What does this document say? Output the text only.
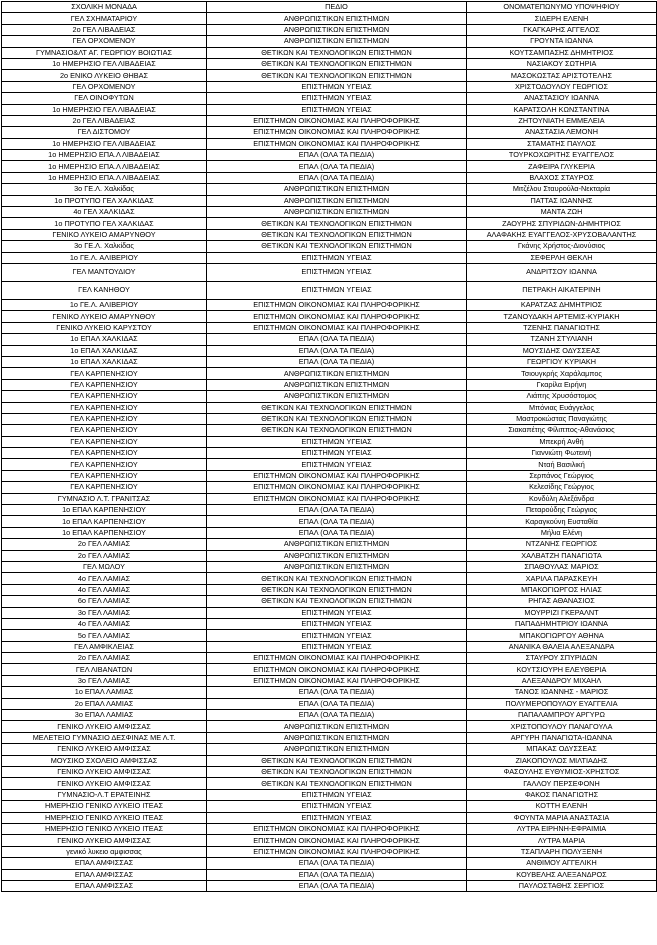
ΣΧΟΛΙΚΗ ΜΟΝΑΔΑ	ΠΕΔΙΟ	ΟΝΟΜΑΤΕΠΩΝΥΜΟ ΥΠΟΨΗΦΙΟΥ
ΓΕΛ ΣΧΗΜΑΤΑΡΙΟΥ	ΑΝΘΡΩΠΙΣΤΙΚΩΝ ΕΠΙΣΤΗΜΩΝ	ΣΙΔΕΡΗ ΕΛΕΝΗ
2ο ΓΕΛ ΛΙΒΑΔΕΙΑΣ	ΑΝΘΡΩΠΙΣΤΙΚΩΝ ΕΠΙΣΤΗΜΩΝ	ΓΚΑΓΚΑΡΗΣ ΑΓΓΕΛΟΣ
ΓΕΛ ΟΡΧΟΜΕΝΟΥ	ΑΝΘΡΩΠΙΣΤΙΚΩΝ ΕΠΙΣΤΗΜΩΝ	ΓΡΟΥΝΤΑ ΙΩΑΝΝΑ
ΓΥΜΝΑΣΙΟ&ΛΤ ΑΓ. ΓΕΩΡΓΙΟΥ ΒΟΙΩΤΙΑΣ	ΘΕΤΙΚΩΝ ΚΑΙ ΤΕΧΝΟΛΟΓΙΚΩΝ ΕΠΙΣΤΗΜΩΝ	ΚΟΥΤΣΑΜΠΑΣΗΣ ΔΗΜΗΤΡΙΟΣ
1ο ΗΜΕΡΗΣΙΟ ΓΕΛ ΛΙΒΑΔΕΙΑΣ	ΘΕΤΙΚΩΝ ΚΑΙ ΤΕΧΝΟΛΟΓΙΚΩΝ ΕΠΙΣΤΗΜΩΝ	ΝΑΣΙΑΚΟΥ ΣΩΤΗΡΙΑ
2ο ΕΝΙΚΟ ΛΥΚΕΙΟ ΘΗΒΑΣ	ΘΕΤΙΚΩΝ ΚΑΙ ΤΕΧΝΟΛΟΓΙΚΩΝ ΕΠΙΣΤΗΜΩΝ	ΜΑΣΟΚΩΣΤΑΣ ΑΡΙΣΤΟΤΕΛΗΣ
ΓΕΛ ΟΡΧΟΜΕΝΟΥ	ΕΠΙΣΤΗΜΩΝ ΥΓΕΙΑΣ	ΧΡΙΣΤΟΔΟΥΛΟΥ ΓΕΩΡΓΙΟΣ
ΓΕΛ ΟΙΝΟΦΥΤΩΝ	ΕΠΙΣΤΗΜΩΝ ΥΓΕΙΑΣ	ΑΝΑΣΤΑΣΙΟΥ ΙΩΑΝΝΑ
1ο ΗΜΕΡΗΣΙΟ ΓΕΛ ΛΙΒΑΔΕΙΑΣ	ΕΠΙΣΤΗΜΩΝ ΥΓΕΙΑΣ	ΚΑΡΑΤΣΟΛΗ ΚΩΝΣΤΑΝΤΙΝΑ
2ο ΓΕΛ ΛΙΒΑΔΕΙΑΣ	ΕΠΙΣΤΗΜΩΝ ΟΙΚΟΝΟΜΙΑΣ ΚΑΙ ΠΛΗΡΟΦΟΡΙΚΗΣ	ΖΗΤΟΥΝΙΑΤΗ ΕΜΜΕΛΕΙΑ
ΓΕΛ ΔΙΣΤΟΜΟΥ	ΕΠΙΣΤΗΜΩΝ ΟΙΚΟΝΟΜΙΑΣ ΚΑΙ ΠΛΗΡΟΦΟΡΙΚΗΣ	ΑΝΑΣΤΑΣΙΑ ΛΕΜΟΝΗ
1ο ΗΜΕΡΗΣΙΟ ΓΕΛ ΛΙΒΑΔΕΙΑΣ	ΕΠΙΣΤΗΜΩΝ ΟΙΚΟΝΟΜΙΑΣ ΚΑΙ ΠΛΗΡΟΦΟΡΙΚΗΣ	ΣΤΑΜΑΤΗΣ ΠΑΥΛΟΣ
1ο ΗΜΕΡΗΣΙΟ ΕΠΑ.Λ ΛΙΒΑΔΕΙΑΣ	ΕΠΑΛ (ΟΛΑ ΤΑ ΠΕΔΙΑ)	ΤΟΥΡΚΟΧΩΡΙΤΗΣ ΕΥΑΓΓΕΛΟΣ
1ο ΗΜΕΡΗΣΙΟ ΕΠΑ.Λ ΛΙΒΑΔΕΙΑΣ	ΕΠΑΛ (ΟΛΑ ΤΑ ΠΕΔΙΑ)	ΖΑΦΕΙΡΑ ΓΛΥΚΕΡΙΑ
1ο ΗΜΕΡΗΣΙΟ ΕΠΑ.Λ ΛΙΒΑΔΕΙΑΣ	ΕΠΑΛ (ΟΛΑ ΤΑ ΠΕΔΙΑ)	ΒΛΑΧΟΣ ΣΤΑΥΡΟΣ
3ο ΓΕ.Λ. Χαλκίδας	ΑΝΘΡΩΠΙΣΤΙΚΩΝ ΕΠΙΣΤΗΜΩΝ	Μιτζέλου Σταυρούλα-Νεκταρία
1ο ΠΡΟΤΥΠΟ ΓΕΛ ΧΑΛΚΙΔΑΣ	ΑΝΘΡΩΠΙΣΤΙΚΩΝ ΕΠΙΣΤΗΜΩΝ	ΠΑΤΤΑΣ ΙΩΑΝΝΗΣ
4ο ΓΕΛ ΧΑΛΚΙΔΑΣ	ΑΝΘΡΩΠΙΣΤΙΚΩΝ ΕΠΙΣΤΗΜΩΝ	ΜΑΝΤΑ ΖΩΗ
1ο ΠΡΟΤΥΠΟ ΓΕΛ ΧΑΛΚΙΔΑΣ	ΘΕΤΙΚΩΝ ΚΑΙ ΤΕΧΝΟΛΟΓΙΚΩΝ ΕΠΙΣΤΗΜΩΝ	ΖΑΟΥΡΗΣ ΣΠΥΡΙΔΩΝ-ΔΗΜΗΤΡΙΟΣ
ΓΕΝΙΚΟ ΛΥΚΕΙΟ ΑΜΑΡΥΝΘΟΥ	ΘΕΤΙΚΩΝ ΚΑΙ ΤΕΧΝΟΛΟΓΙΚΩΝ ΕΠΙΣΤΗΜΩΝ	ΑΛΑΦΑΚΗΣ ΕΥΑΓΓΕΛΟΣ-ΧΡΥΣΟΒΑΛΑΝΤΗΣ
3ο ΓΕ.Λ. Χαλκίδας	ΘΕΤΙΚΩΝ ΚΑΙ ΤΕΧΝΟΛΟΓΙΚΩΝ ΕΠΙΣΤΗΜΩΝ	Γκάνης Χρήστος-Διονύσιος
1ο ΓΕ.Λ. ΑΛΙΒΕΡΙΟΥ	ΕΠΙΣΤΗΜΩΝ ΥΓΕΙΑΣ	ΣΕΦΕΡΛΗ ΘΕΚΛΗ
ΓΕΛ ΜΑΝΤΟΥΔΙΟΥ	ΕΠΙΣΤΗΜΩΝ ΥΓΕΙΑΣ	ΑΝΔΡΙΤΣΟΥ ΙΩΑΝΝΑ
ΓΕΛ ΚΑΝΗΘΟΥ	ΕΠΙΣΤΗΜΩΝ ΥΓΕΙΑΣ	ΠΕΤΡΑΚΗ ΑΙΚΑΤΕΡΙΝΗ
1ο ΓΕ.Λ. ΑΛΙΒΕΡΙΟΥ	ΕΠΙΣΤΗΜΩΝ ΟΙΚΟΝΟΜΙΑΣ ΚΑΙ ΠΛΗΡΟΦΟΡΙΚΗΣ	ΚΑΡΑΤΖΑΣ ΔΗΜΗΤΡΙΟΣ
ΓΕΝΙΚΟ ΛΥΚΕΙΟ ΑΜΑΡΥΝΘΟΥ	ΕΠΙΣΤΗΜΩΝ ΟΙΚΟΝΟΜΙΑΣ ΚΑΙ ΠΛΗΡΟΦΟΡΙΚΗΣ	ΤΖΑΝΟΥΔΑΚΗ ΑΡΤΕΜΙΣ-ΚΥΡΙΑΚΗ
ΓΕΝΙΚΟ ΛΥΚΕΙΟ ΚΑΡΥΣΤΟΥ	ΕΠΙΣΤΗΜΩΝ ΟΙΚΟΝΟΜΙΑΣ ΚΑΙ ΠΛΗΡΟΦΟΡΙΚΗΣ	ΤΖΕΝΗΣ ΠΑΝΑΓΙΩΤΗΣ
1ο ΕΠΑΛ ΧΑΛΚΙΔΑΣ	ΕΠΑΛ (ΟΛΑ ΤΑ ΠΕΔΙΑ)	ΤΖΑΝΗ ΣΤΥΛΙΑΝΗ
1ο ΕΠΑΛ ΧΑΛΚΙΔΑΣ	ΕΠΑΛ (ΟΛΑ ΤΑ ΠΕΔΙΑ)	ΜΟΥΣΙΔΗΣ ΟΔΥΣΣΕΑΣ
1ο ΕΠΑΛ ΧΑΛΚΙΔΑΣ	ΕΠΑΛ (ΟΛΑ ΤΑ ΠΕΔΙΑ)	ΓΕΩΡΓΙΟΥ ΚΥΡΙΑΚΗ
ΓΕΛ ΚΑΡΠΕΝΗΣΙΟΥ	ΑΝΘΡΩΠΙΣΤΙΚΩΝ ΕΠΙΣΤΗΜΩΝ	Τσιουγκρής Χαράλαμπος
ΓΕΛ ΚΑΡΠΕΝΗΣΙΟΥ	ΑΝΘΡΩΠΙΣΤΙΚΩΝ ΕΠΙΣΤΗΜΩΝ	Γκαρίλα Ειρήνη
ΓΕΛ ΚΑΡΠΕΝΗΣΙΟΥ	ΑΝΘΡΩΠΙΣΤΙΚΩΝ ΕΠΙΣΤΗΜΩΝ	Λιάπης Χρυσόστομος
ΓΕΛ ΚΑΡΠΕΝΗΣΙΟΥ	ΘΕΤΙΚΩΝ ΚΑΙ ΤΕΧΝΟΛΟΓΙΚΩΝ ΕΠΙΣΤΗΜΩΝ	Μπόνιας Ευάγγελος
ΓΕΛ ΚΑΡΠΕΝΗΣΙΟΥ	ΘΕΤΙΚΩΝ ΚΑΙ ΤΕΧΝΟΛΟΓΙΚΩΝ ΕΠΙΣΤΗΜΩΝ	Μαστροκώστας Παναγιώτης
ΓΕΛ ΚΑΡΠΕΝΗΣΙΟΥ	ΘΕΤΙΚΩΝ ΚΑΙ ΤΕΧΝΟΛΟΓΙΚΩΝ ΕΠΙΣΤΗΜΩΝ	Σιακαπέτης Φίλιππος-Αθανάσιος
ΓΕΛ ΚΑΡΠΕΝΗΣΙΟΥ	ΕΠΙΣΤΗΜΩΝ ΥΓΕΙΑΣ	Μπεκρή Ανθή
ΓΕΛ ΚΑΡΠΕΝΗΣΙΟΥ	ΕΠΙΣΤΗΜΩΝ ΥΓΕΙΑΣ	Γιαννιώτη Φωτεινή
ΓΕΛ ΚΑΡΠΕΝΗΣΙΟΥ	ΕΠΙΣΤΗΜΩΝ ΥΓΕΙΑΣ	Νταή Βασιλική
ΓΕΛ ΚΑΡΠΕΝΗΣΙΟΥ	ΕΠΙΣΤΗΜΩΝ ΟΙΚΟΝΟΜΙΑΣ ΚΑΙ ΠΛΗΡΟΦΟΡΙΚΗΣ	Σερπάνος Γεώργιος
ΓΕΛ ΚΑΡΠΕΝΗΣΙΟΥ	ΕΠΙΣΤΗΜΩΝ ΟΙΚΟΝΟΜΙΑΣ ΚΑΙ ΠΛΗΡΟΦΟΡΙΚΗΣ	Κελεσίδης Γεώργιος
ΓΥΜΝΑΣΙΟ Λ.Τ. ΓΡΑΝΙΤΣΑΣ	ΕΠΙΣΤΗΜΩΝ ΟΙΚΟΝΟΜΙΑΣ ΚΑΙ ΠΛΗΡΟΦΟΡΙΚΗΣ	Κονδύλη Αλεξάνδρα
1ο ΕΠΑΛ ΚΑΡΠΕΝΗΣΙΟΥ	ΕΠΑΛ (ΟΛΑ ΤΑ ΠΕΔΙΑ)	Πεταρούδης Γεώργιος
1ο ΕΠΑΛ ΚΑΡΠΕΝΗΣΙΟΥ	ΕΠΑΛ (ΟΛΑ ΤΑ ΠΕΔΙΑ)	Καραγκούνη Ευσταθία
1ο ΕΠΑΛ ΚΑΡΠΕΝΗΣΙΟΥ	ΕΠΑΛ (ΟΛΑ ΤΑ ΠΕΔΙΑ)	Μήλια Ελένη
2ο ΓΕΛ ΛΑΜΙΑΣ	ΑΝΘΡΩΠΙΣΤΙΚΩΝ ΕΠΙΣΤΗΜΩΝ	ΝΤΖΑΝΗΣ ΓΕΩΡΓΙΟΣ
2ο ΓΕΛ ΛΑΜΙΑΣ	ΑΝΘΡΩΠΙΣΤΙΚΩΝ ΕΠΙΣΤΗΜΩΝ	ΧΑΛΒΑΤΖΗ ΠΑΝΑΓΙΩΤΑ
ΓΕΛ ΜΩΛΟΥ	ΑΝΘΡΩΠΙΣΤΙΚΩΝ ΕΠΙΣΤΗΜΩΝ	ΣΠΑΘΟΥΛΑΣ ΜΑΡΙΟΣ
4ο ΓΕΛ ΛΑΜΙΑΣ	ΘΕΤΙΚΩΝ ΚΑΙ ΤΕΧΝΟΛΟΓΙΚΩΝ ΕΠΙΣΤΗΜΩΝ	ΧΑΡΙΛΑ ΠΑΡΑΣΚΕΥΗ
4ο ΓΕΛ ΛΑΜΙΑΣ	ΘΕΤΙΚΩΝ ΚΑΙ ΤΕΧΝΟΛΟΓΙΚΩΝ ΕΠΙΣΤΗΜΩΝ	ΜΠΑΚΟΓΙΩΡΓΟΣ ΗΛΙΑΣ
6ο ΓΕΛ ΛΑΜΙΑΣ	ΘΕΤΙΚΩΝ ΚΑΙ ΤΕΧΝΟΛΟΓΙΚΩΝ ΕΠΙΣΤΗΜΩΝ	ΡΗΓΑΣ ΑΘΑΝΑΣΙΟΣ
3ο ΓΕΛ ΛΑΜΙΑΣ	ΕΠΙΣΤΗΜΩΝ ΥΓΕΙΑΣ	ΜΟΥΡΡΙΖΙ ΓΚΕΡΑΛΝΤ
4ο ΓΕΛ ΛΑΜΙΑΣ	ΕΠΙΣΤΗΜΩΝ ΥΓΕΙΑΣ	ΠΑΠΑΔΗΜΗΤΡΙΟΥ ΙΩΑΝΝΑ
5ο ΓΕΛ ΛΑΜΙΑΣ	ΕΠΙΣΤΗΜΩΝ ΥΓΕΙΑΣ	ΜΠΑΚΟΓΙΩΡΓΟΥ ΑΘΗΝΑ
ΓΕΛ ΑΜΦΙΚΛΕΙΑΣ	ΕΠΙΣΤΗΜΩΝ ΥΓΕΙΑΣ	ΑΝΑΝΙΚΑ ΘΑΛΕΙΑ ΑΛΕΞΑΝΔΡΑ
2ο ΓΕΛ ΛΑΜΙΑΣ	ΕΠΙΣΤΗΜΩΝ ΟΙΚΟΝΟΜΙΑΣ ΚΑΙ ΠΛΗΡΟΦΟΡΙΚΗΣ	ΣΤΑΥΡΟΥ ΣΠΥΡΙΔΩΝ
ΓΕΛ ΛΙΒΑΝΑΤΩΝ	ΕΠΙΣΤΗΜΩΝ ΟΙΚΟΝΟΜΙΑΣ ΚΑΙ ΠΛΗΡΟΦΟΡΙΚΗΣ	ΚΟΥΤΣΙΟΥΡΗ ΕΛΕΥΘΕΡΙΑ
3ο ΓΕΛ ΛΑΜΙΑΣ	ΕΠΙΣΤΗΜΩΝ ΟΙΚΟΝΟΜΙΑΣ ΚΑΙ ΠΛΗΡΟΦΟΡΙΚΗΣ	ΑΛΕΞΑΝΔΡΟΥ ΜΙΧΑΗΛ
1ο ΕΠΑΛ ΛΑΜΙΑΣ	ΕΠΑΛ (ΟΛΑ ΤΑ ΠΕΔΙΑ)	ΤΑΝΟΣ ΙΩΑΝΝΗΣ - ΜΑΡΙΟΣ
2ο ΕΠΑΛ ΛΑΜΙΑΣ	ΕΠΑΛ (ΟΛΑ ΤΑ ΠΕΔΙΑ)	ΠΟΛΥΜΕΡΟΠΟΥΛΟΥ ΕΥΑΓΓΕΛΙΑ
3ο ΕΠΑΛ ΛΑΜΙΑΣ	ΕΠΑΛ (ΟΛΑ ΤΑ ΠΕΔΙΑ)	ΠΑΠΑΛΑΜΠΡΟΥ ΑΡΓΥΡΩ
ΓΕΝΙΚΟ ΛΥΚΕΙΟ ΑΜΦΙΣΣΑΣ	ΑΝΘΡΩΠΙΣΤΙΚΩΝ ΕΠΙΣΤΗΜΩΝ	ΧΡΙΣΤΟΠΟΥΛΟΥ ΠΑΝΑΓΟΥΛΑ
ΜΕΛΕΤΕΙΟ ΓΥΜΝΑΣΙΟ ΔΕΣΦΙΝΑΣ ΜΕ Λ.Τ.	ΑΝΘΡΩΠΙΣΤΙΚΩΝ ΕΠΙΣΤΗΜΩΝ	ΑΡΓΥΡΗ ΠΑΝΑΓΙΩΤΑ-ΙΩΑΝΝΑ
ΓΕΝΙΚΟ ΛΥΚΕΙΟ ΑΜΦΙΣΣΑΣ	ΑΝΘΡΩΠΙΣΤΙΚΩΝ ΕΠΙΣΤΗΜΩΝ	ΜΠΑΚΑΣ ΟΔΥΣΣΕΑΣ
ΜΟΥΣΙΚΟ ΣΧΟΛΕΙΟ ΑΜΦΙΣΣΑΣ	ΘΕΤΙΚΩΝ ΚΑΙ ΤΕΧΝΟΛΟΓΙΚΩΝ ΕΠΙΣΤΗΜΩΝ	ΖΙΑΚΟΠΟΥΛΟΣ ΜΙΛΤΙΑΔΗΣ
ΓΕΝΙΚΟ ΛΥΚΕΙΟ ΑΜΦΙΣΣΑΣ	ΘΕΤΙΚΩΝ ΚΑΙ ΤΕΧΝΟΛΟΓΙΚΩΝ ΕΠΙΣΤΗΜΩΝ	ΦΑΣΟΥΛΗΣ ΕΥΘΥΜΙΟΣ-ΧΡΗΣΤΟΣ
ΓΕΝΙΚΟ ΛΥΚΕΙΟ ΑΜΦΙΣΣΑΣ	ΘΕΤΙΚΩΝ ΚΑΙ ΤΕΧΝΟΛΟΓΙΚΩΝ ΕΠΙΣΤΗΜΩΝ	ΓΑΛΛΟΥ ΠΕΡΣΕΦΟΝΗ
ΓΥΜΝΑΣΙΟ-Λ.Τ ΕΡΑΤΕΙΝΗΣ	ΕΠΙΣΤΗΜΩΝ ΥΓΕΙΑΣ	ΦΑΚΟΣ ΠΑΝΑΓΙΩΤΗΣ
ΗΜΕΡΗΣΙΟ ΓΕΝΙΚΟ ΛΥΚΕΙΟ ΙΤΕΑΣ	ΕΠΙΣΤΗΜΩΝ ΥΓΕΙΑΣ	ΚΟΤΤΗ ΕΛΕΝΗ
ΗΜΕΡΗΣΙΟ ΓΕΝΙΚΟ ΛΥΚΕΙΟ ΙΤΕΑΣ	ΕΠΙΣΤΗΜΩΝ ΥΓΕΙΑΣ	ΦΟΥΝΤΑ ΜΑΡΙΑ ΑΝΑΣΤΑΣΙΑ
ΗΜΕΡΗΣΙΟ ΓΕΝΙΚΟ ΛΥΚΕΙΟ ΙΤΕΑΣ	ΕΠΙΣΤΗΜΩΝ ΟΙΚΟΝΟΜΙΑΣ ΚΑΙ ΠΛΗΡΟΦΟΡΙΚΗΣ	ΛΥΤΡΑ ΕΙΡΗΝΗ-ΕΦΡΑΙΜΙΑ
ΓΕΝΙΚΟ ΛΥΚΕΙΟ ΑΜΦΙΣΣΑΣ	ΕΠΙΣΤΗΜΩΝ ΟΙΚΟΝΟΜΙΑΣ ΚΑΙ ΠΛΗΡΟΦΟΡΙΚΗΣ	ΛΥΤΡΑ ΜΑΡΙΑ
γενικό λυκειο αμφισσας	ΕΠΙΣΤΗΜΩΝ ΟΙΚΟΝΟΜΙΑΣ ΚΑΙ ΠΛΗΡΟΦΟΡΙΚΗΣ	ΤΣΑΠΛΑΡΗ ΠΟΛΥΞΕΝΗ
ΕΠΑΛ ΑΜΦΙΣΣΑΣ	ΕΠΑΛ (ΟΛΑ ΤΑ ΠΕΔΙΑ)	ΑΝΘΙΜΟΥ ΑΓΓΕΛΙΚΗ
ΕΠΑΛ ΑΜΦΙΣΣΑΣ	ΕΠΑΛ (ΟΛΑ ΤΑ ΠΕΔΙΑ)	ΚΟΥΒΕΛΗΣ ΑΛΕΞΑΝΔΡΟΣ
ΕΠΑΛ ΑΜΦΙΣΣΑΣ	ΕΠΑΛ (ΟΛΑ ΤΑ ΠΕΔΙΑ)	ΠΑΥΛΟΣΤΑΘΗΣ ΣΕΡΓΙΟΣ
